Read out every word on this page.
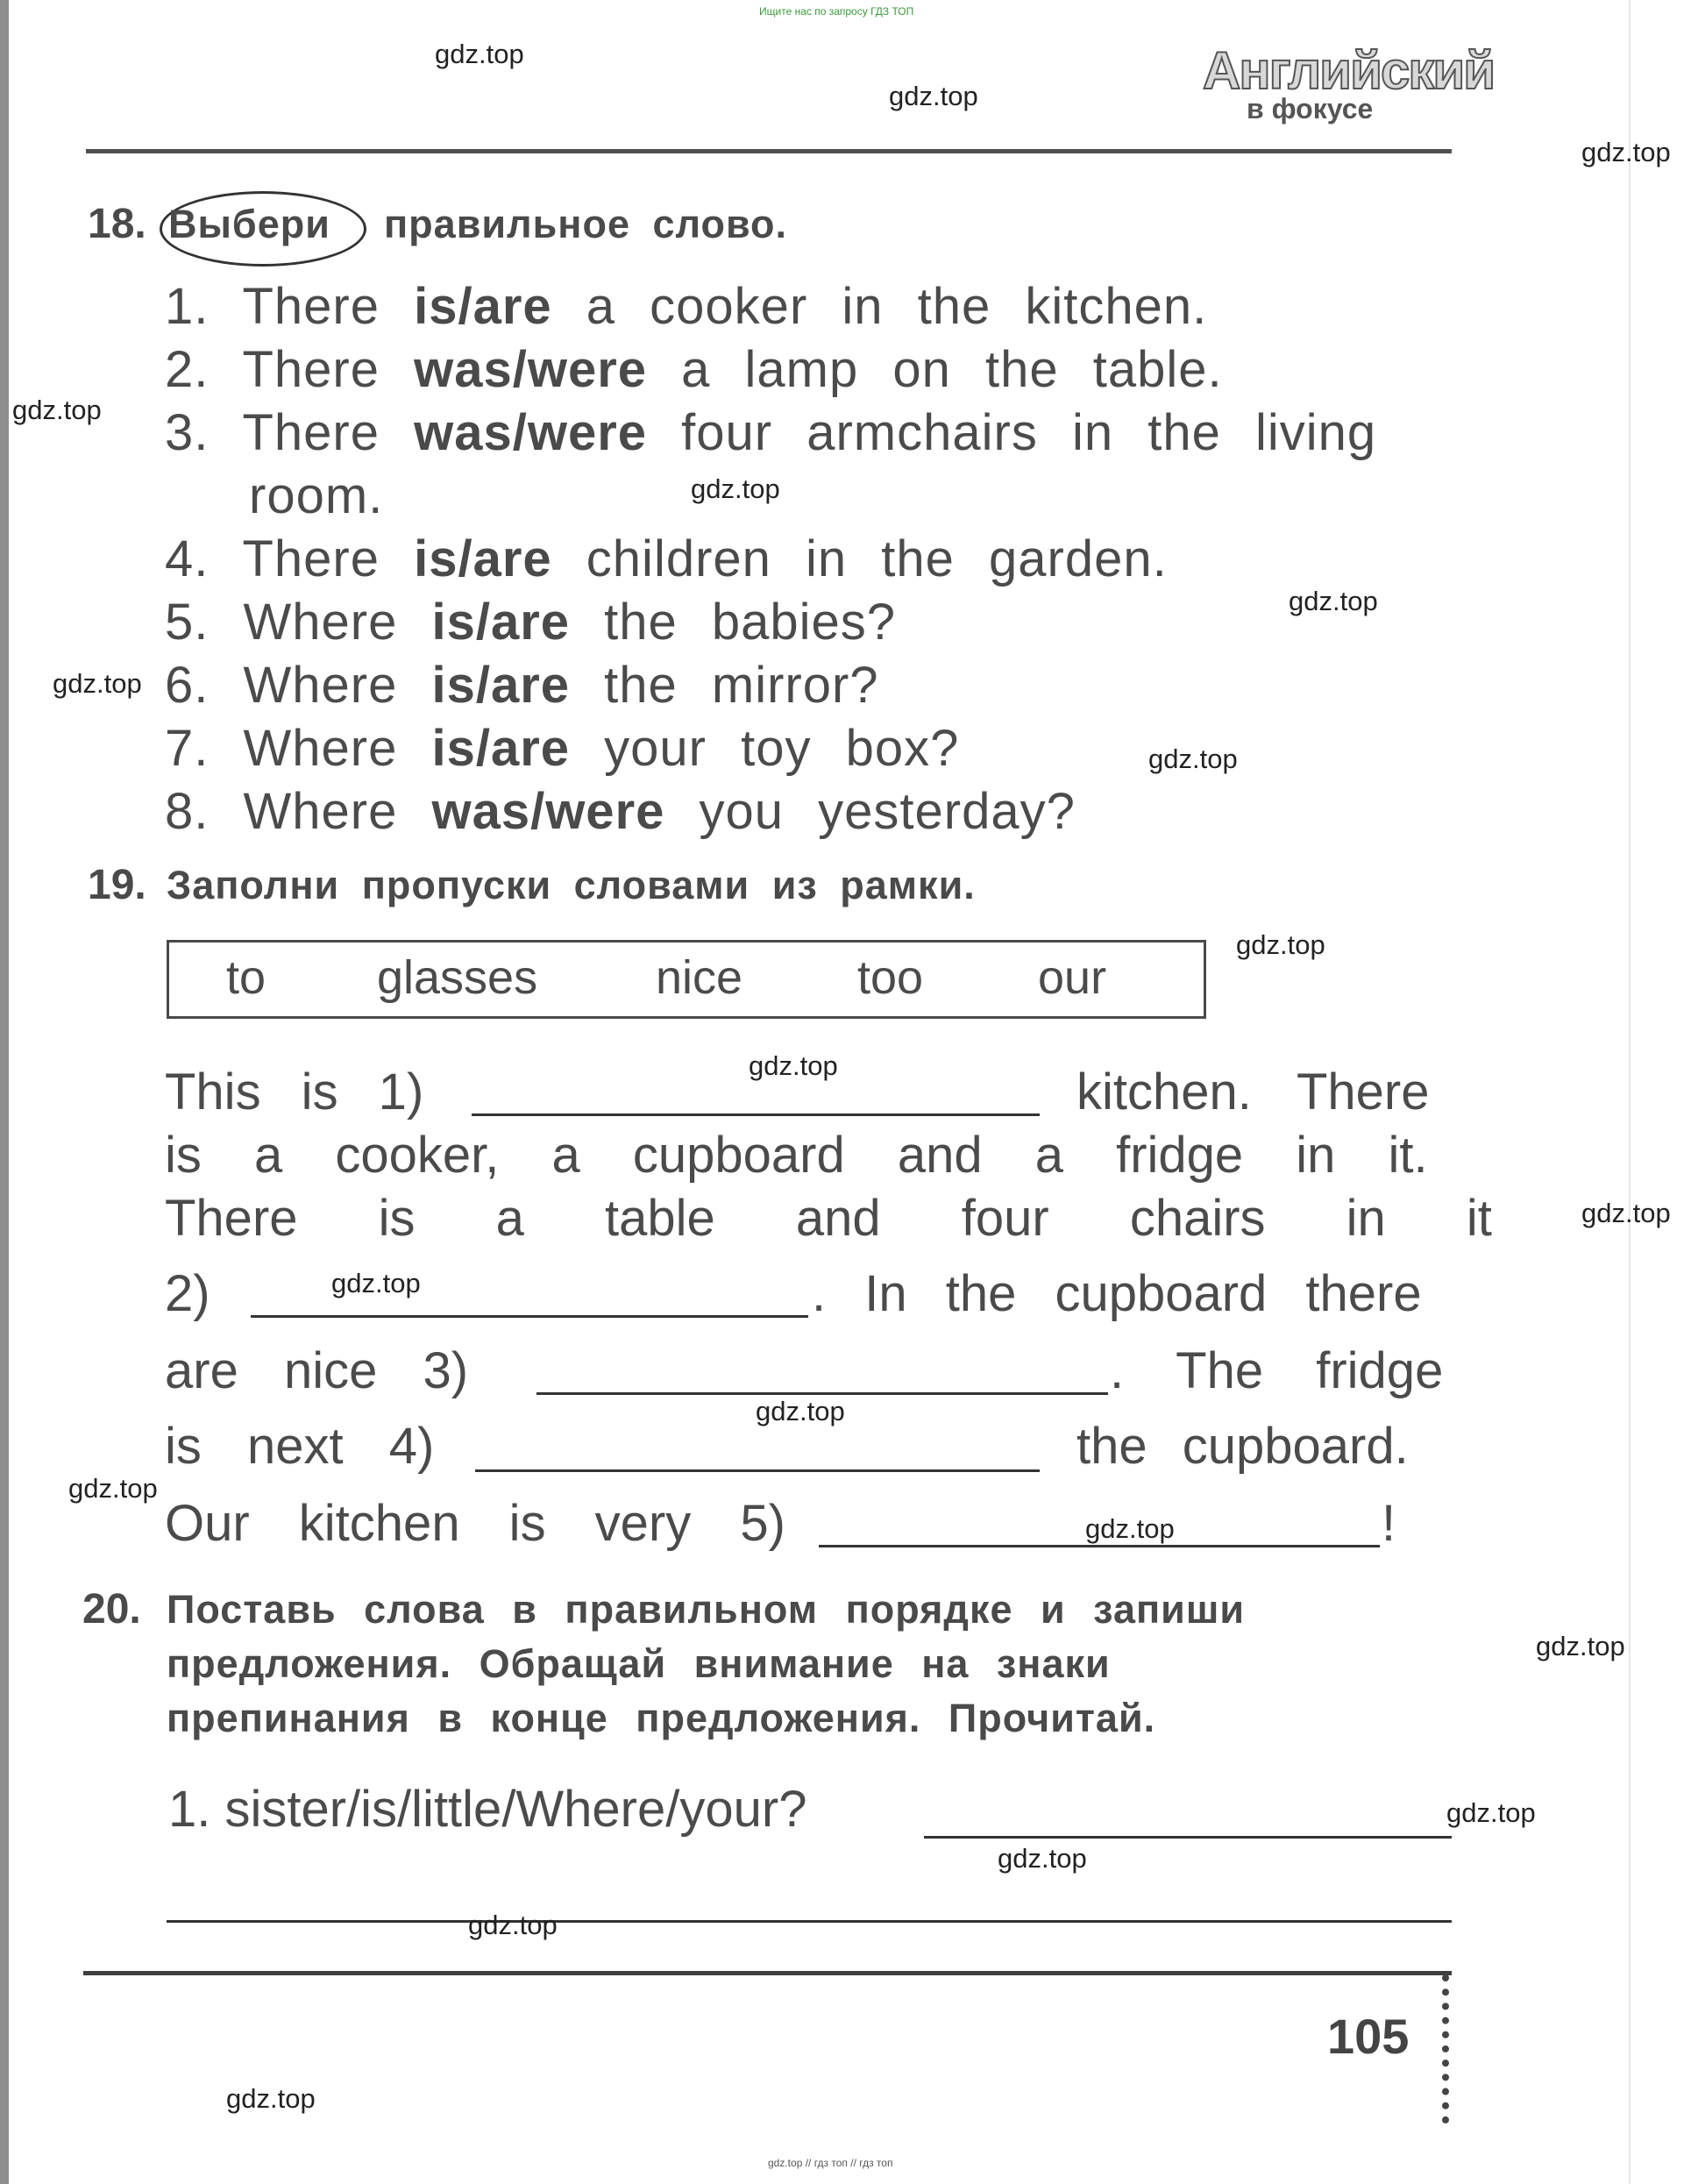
Ищите нас по запросу ГДЗ ТОП
Английский
в фокусе
18. Выбери правильное слово.
1. There is/are a cooker in the kitchen.
2. There was/were a lamp on the table.
3. There was/were four armchairs in the living
room.
4. There is/are children in the garden.
5. Where is/are the babies?
6. Where is/are the mirror?
7. Where is/are your toy box?
8. Where was/were you yesterday?
19. Заполни пропуски словами из рамки.
to glasses nice too our
This is 1)	kitchen. There
is a cooker, a cupboard and a fridge in it.
There is a table and four chairs in it
2)	. In the cupboard there
are nice 3)	. The fridge
is next 4)	the cupboard.
Our kitchen is very 5)	!
20. Поставь слова в правильном порядке и запиши
предложения. Обращай внимание на знаки
препинания в конце предложения. Прочитай.
1. sister/is/little/Where/your?
105
gdz.top
gdz.top
gdz.top
gdz.top
gdz.top
gdz.top
gdz.top
gdz.top
gdz.top
gdz.top
gdz.top
gdz.top
gdz.top
gdz.top
gdz.top
gdz.top
gdz.top
gdz.top
gdz.top
gdz.top
gdz.top // гдз топ // гдз топ
